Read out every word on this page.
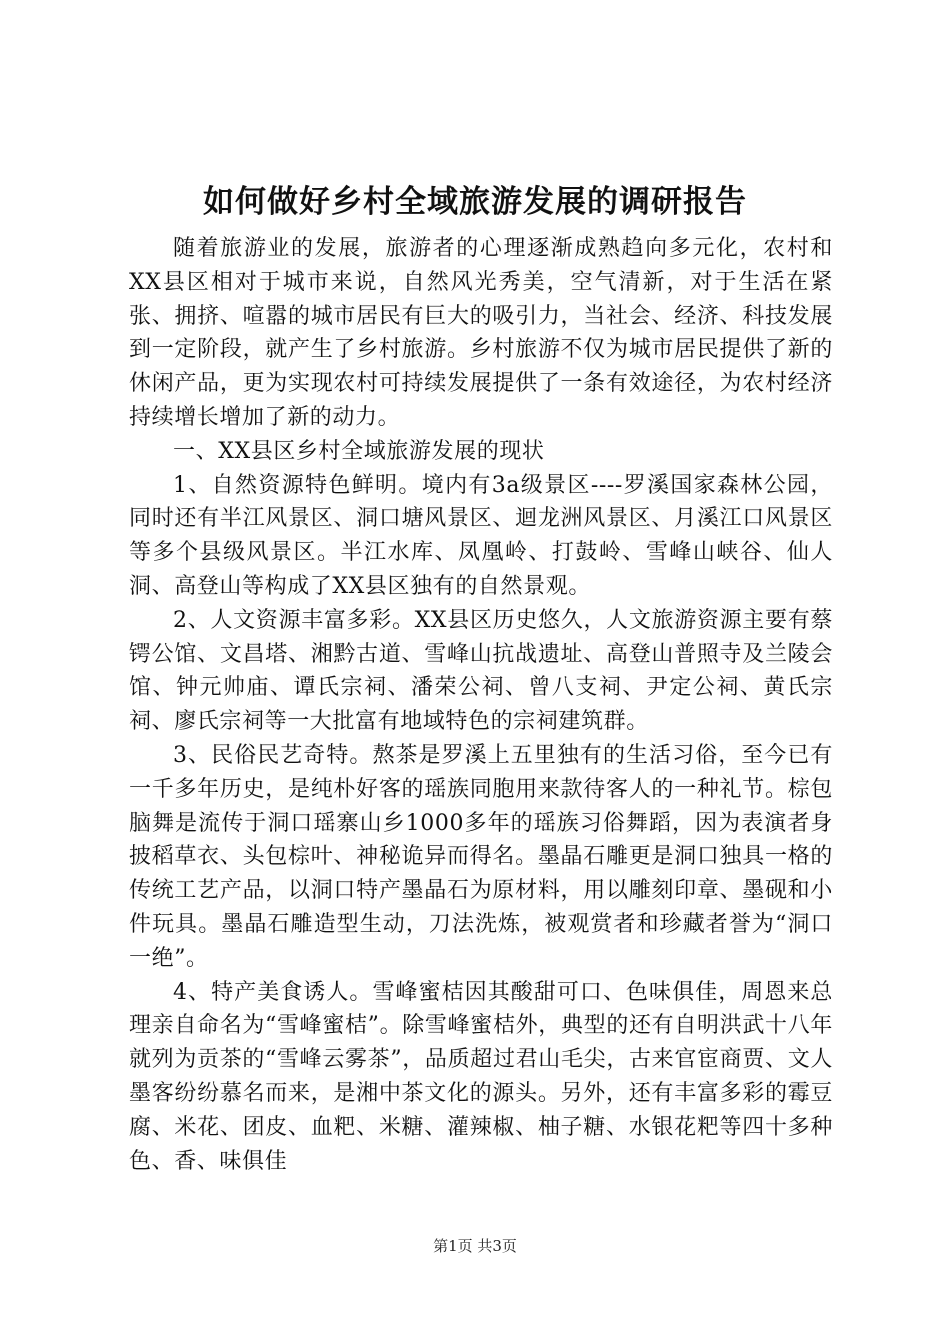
如何做好乡村全域旅游发展的调研报告

随着旅游业的发展，旅游者的心理逐渐成熟趋向多元化，农村和XX县区相对于城市来说，自然风光秀美，空气清新，对于生活在紧张、拥挤、喧嚣的城市居民有巨大的吸引力，当社会、经济、科技发展到一定阶段，就产生了乡村旅游。乡村旅游不仅为城市居民提供了新的休闲产品，更为实现农村可持续发展提供了一条有效途径，为农村经济持续增长增加了新的动力。

一、XX县区乡村全域旅游发展的现状

1、自然资源特色鲜明。境内有3a级景区----罗溪国家森林公园，同时还有半江风景区、洞口塘风景区、迴龙洲风景区、月溪江口风景区等多个县级风景区。半江水库、凤凰岭、打鼓岭、雪峰山峡谷、仙人洞、高登山等构成了XX县区独有的自然景观。

2、人文资源丰富多彩。XX县区历史悠久，人文旅游资源主要有蔡锷公馆、文昌塔、湘黔古道、雪峰山抗战遗址、高登山普照寺及兰陵会馆、钟元帅庙、谭氏宗祠、潘荣公祠、曾八支祠、尹定公祠、黄氏宗祠、廖氏宗祠等一大批富有地域特色的宗祠建筑群。

3、民俗民艺奇特。熬茶是罗溪上五里独有的生活习俗，至今已有一千多年历史，是纯朴好客的瑶族同胞用来款待客人的一种礼节。棕包脑舞是流传于洞口瑶寨山乡1000多年的瑶族习俗舞蹈，因为表演者身披稻草衣、头包棕叶、神秘诡异而得名。墨晶石雕更是洞口独具一格的传统工艺产品，以洞口特产墨晶石为原材料，用以雕刻印章、墨砚和小件玩具。墨晶石雕造型生动，刀法洗炼，被观赏者和珍藏者誉为“洞口一绝”。

4、特产美食诱人。雪峰蜜桔因其酸甜可口、色味俱佳，周恩来总理亲自命名为“雪峰蜜桔”。除雪峰蜜桔外，典型的还有自明洪武十八年就列为贡茶的“雪峰云雾茶”，品质超过君山毛尖，古来官宦商贾、文人墨客纷纷慕名而来，是湘中茶文化的源头。另外，还有丰富多彩的霉豆腐、米花、团皮、血粑、米糖、灌辣椒、柚子糖、水银花粑等四十多种色、香、味俱佳

第1页 共3页
